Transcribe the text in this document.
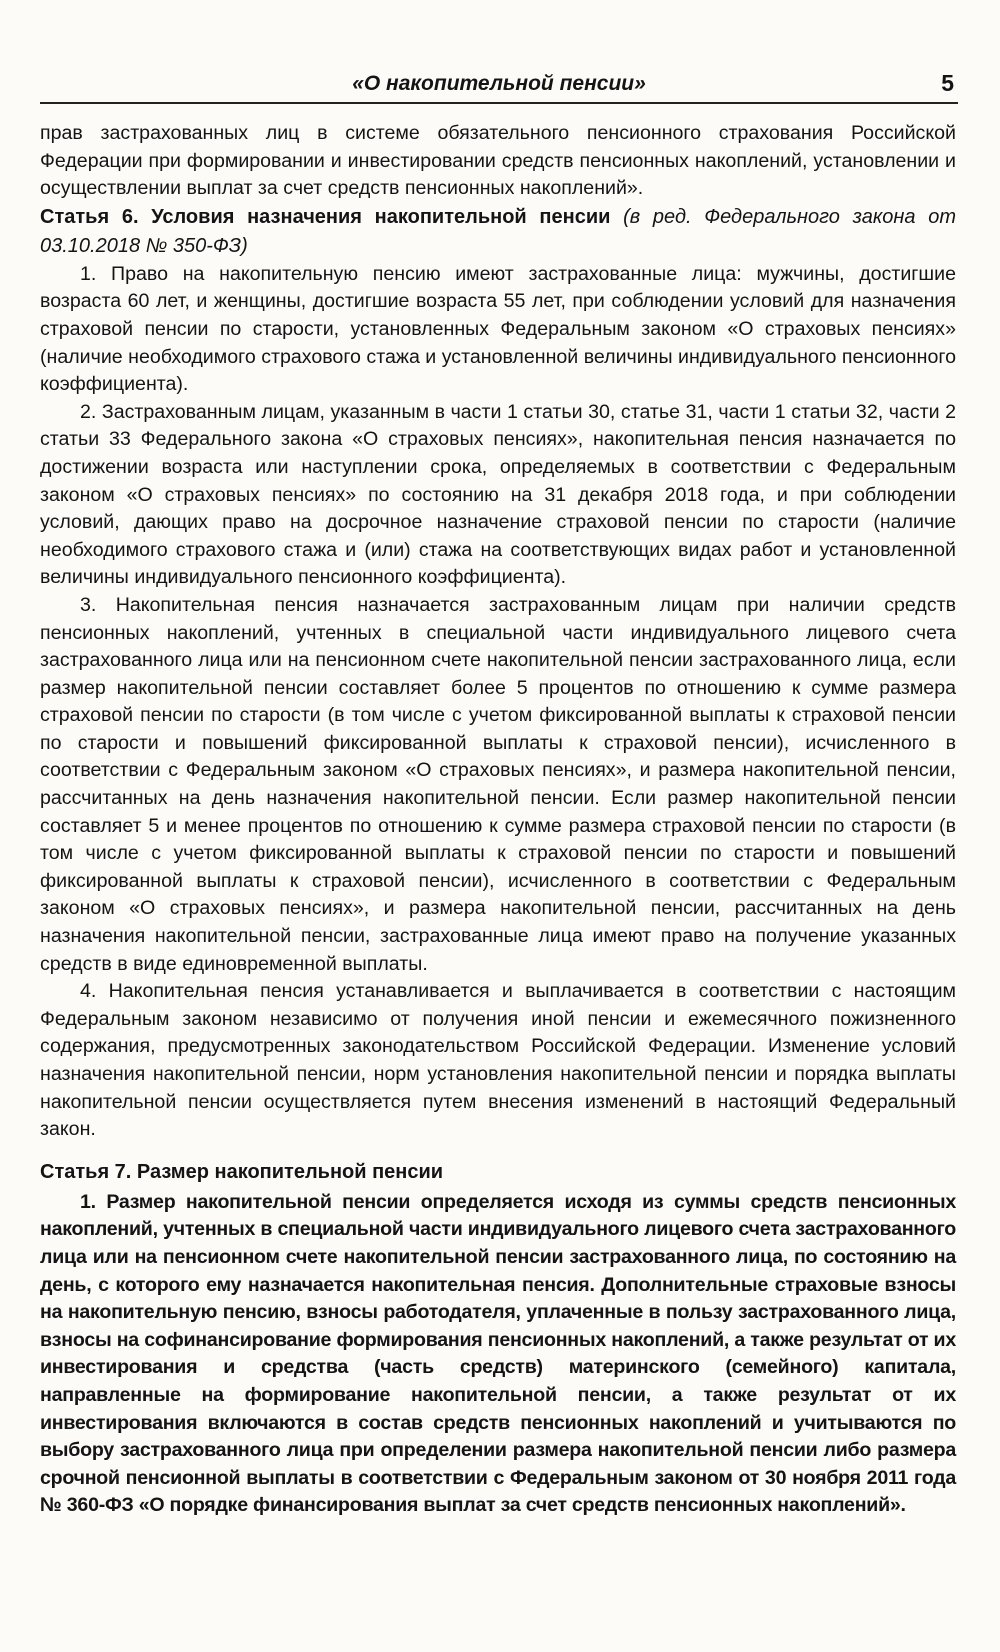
«О накопительной пенсии»	5

прав застрахованных лиц в системе обязательного пенсионного страхования Российской Федерации при формировании и инвестировании средств пенсионных накоплений, установлении и осуществлении выплат за счет средств пенсионных накоплений».

Статья 6. Условия назначения накопительной пенсии (в ред. Федерального закона от 03.10.2018 № 350-ФЗ)

1. Право на накопительную пенсию имеют застрахованные лица: мужчины, достигшие возраста 60 лет, и женщины, достигшие возраста 55 лет, при соблюдении условий для назначения страховой пенсии по старости, установленных Федеральным законом «О страховых пенсиях» (наличие необходимого страхового стажа и установленной величины индивидуального пенсионного коэффициента).

2. Застрахованным лицам, указанным в части 1 статьи 30, статье 31, части 1 статьи 32, части 2 статьи 33 Федерального закона «О страховых пенсиях», накопительная пенсия назначается по достижении возраста или наступлении срока, определяемых в соответствии с Федеральным законом «О страховых пенсиях» по состоянию на 31 декабря 2018 года, и при соблюдении условий, дающих право на досрочное назначение страховой пенсии по старости (наличие необходимого страхового стажа и (или) стажа на соответствующих видах работ и установленной величины индивидуального пенсионного коэффициента).

3. Накопительная пенсия назначается застрахованным лицам при наличии средств пенсионных накоплений, учтенных в специальной части индивидуального лицевого счета застрахованного лица или на пенсионном счете накопительной пенсии застрахованного лица, если размер накопительной пенсии составляет более 5 процентов по отношению к сумме размера страховой пенсии по старости (в том числе с учетом фиксированной выплаты к страховой пенсии по старости и повышений фиксированной выплаты к страховой пенсии), исчисленного в соответствии с Федеральным законом «О страховых пенсиях», и размера накопительной пенсии, рассчитанных на день назначения накопительной пенсии. Если размер накопительной пенсии составляет 5 и менее процентов по отношению к сумме размера страховой пенсии по старости (в том числе с учетом фиксированной выплаты к страховой пенсии по старости и повышений фиксированной выплаты к страховой пенсии), исчисленного в соответствии с Федеральным законом «О страховых пенсиях», и размера накопительной пенсии, рассчитанных на день назначения накопительной пенсии, застрахованные лица имеют право на получение указанных средств в виде единовременной выплаты.

4. Накопительная пенсия устанавливается и выплачивается в соответствии с настоящим Федеральным законом независимо от получения иной пенсии и ежемесячного пожизненного содержания, предусмотренных законодательством Российской Федерации. Изменение условий назначения накопительной пенсии, норм установления накопительной пенсии и порядка выплаты накопительной пенсии осуществляется путем внесения изменений в настоящий Федеральный закон.

Статья 7. Размер накопительной пенсии

1. Размер накопительной пенсии определяется исходя из суммы средств пенсионных накоплений, учтенных в специальной части индивидуального лицевого счета застрахованного лица или на пенсионном счете накопительной пенсии застрахованного лица, по состоянию на день, с которого ему назначается накопительная пенсия. Дополнительные страховые взносы на накопительную пенсию, взносы работодателя, уплаченные в пользу застрахованного лица, взносы на софинансирование формирования пенсионных накоплений, а также результат от их инвестирования и средства (часть средств) материнского (семейного) капитала, направленные на формирование накопительной пенсии, а также результат от их инвестирования включаются в состав средств пенсионных накоплений и учитываются по выбору застрахованного лица при определении размера накопительной пенсии либо размера срочной пенсионной выплаты в соответствии с Федеральным законом от 30 ноября 2011 года № 360-ФЗ «О порядке финансирования выплат за счет средств пенсионных накоплений».
